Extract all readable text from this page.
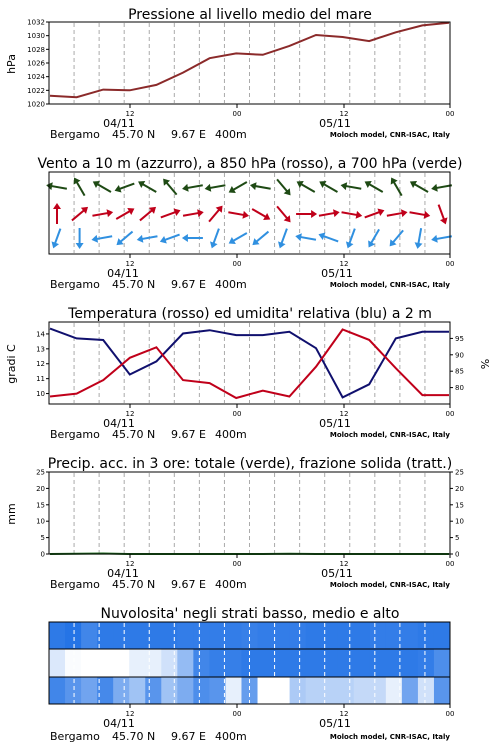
Pressione al livello medio del mare
hPa
1020
1022
1024
1026
1028
1030
1032
12	00	12	00
04/11	05/11
Bergamo 45.70 N 9.67 E 400m	Moloch model, CNR-ISAC, Italy
Vento a 10 m (azzurro), a 850 hPa (rosso), a 700 hPa (verde)
12	00	12	00
04/11	05/11
Bergamo 45.70 N 9.67 E 400m	Moloch model, CNR-ISAC, Italy
Temperatura (rosso) ed umidita' relativa (blu) a 2 m
gradi C	%
10
11
12
13
14
80
85
90
95
12	00	12	00
04/11	05/11
Bergamo 45.70 N 9.67 E 400m	Moloch model, CNR-ISAC, Italy
Precip. acc. in 3 ore: totale (verde), frazione solida (tratt.)
mm
0
5
10
15
20
25
0
5
10
15
20
25
12	00	12	00
04/11	05/11
Bergamo 45.70 N 9.67 E 400m	Moloch model, CNR-ISAC, Italy
Nuvolosita' negli strati basso, medio e alto
12	00	12	00
04/11	05/11
Bergamo 45.70 N 9.67 E 400m	Moloch model, CNR-ISAC, Italy
